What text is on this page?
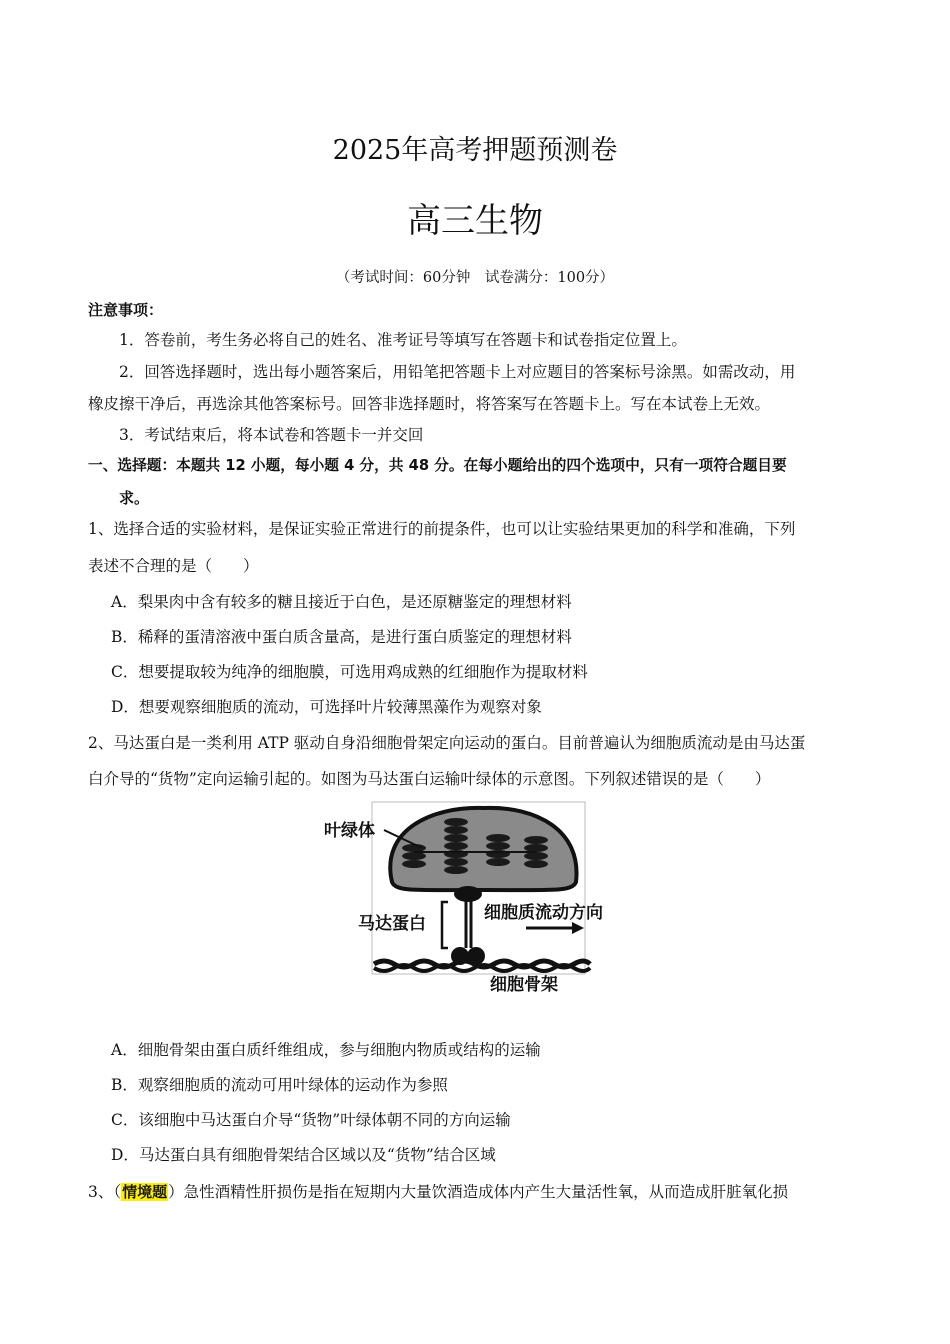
2025年高考押题预测卷
高三生物
（考试时间：60分钟　试卷满分：100分）
注意事项：
1．答卷前，考生务必将自己的姓名、准考证号等填写在答题卡和试卷指定位置上。
2．回答选择题时，选出每小题答案后，用铅笔把答题卡上对应题目的答案标号涂黑。如需改动，用
橡皮擦干净后，再选涂其他答案标号。回答非选择题时，将答案写在答题卡上。写在本试卷上无效。
3．考试结束后，将本试卷和答题卡一并交回
一、选择题：本题共 12 小题，每小题 4 分，共 48 分。在每小题给出的四个选项中，只有一项符合题目要
求。
1、选择合适的实验材料，是保证实验正常进行的前提条件，也可以让实验结果更加的科学和准确，下列
表述不合理的是（　　）
A．梨果肉中含有较多的糖且接近于白色，是还原糖鉴定的理想材料
B．稀释的蛋清溶液中蛋白质含量高，是进行蛋白质鉴定的理想材料
C．想要提取较为纯净的细胞膜，可选用鸡成熟的红细胞作为提取材料
D．想要观察细胞质的流动，可选择叶片较薄黑藻作为观察对象
2、马达蛋白是一类利用 ATP 驱动自身沿细胞骨架定向运动的蛋白。目前普遍认为细胞质流动是由马达蛋
白介导的“货物”定向运输引起的。如图为马达蛋白运输叶绿体的示意图。下列叙述错误的是（　　）
叶绿体
马达蛋白
细胞质流动方向
细胞骨架
A．细胞骨架由蛋白质纤维组成，参与细胞内物质或结构的运输
B．观察细胞质的流动可用叶绿体的运动作为参照
C．该细胞中马达蛋白介导“货物”叶绿体朝不同的方向运输
D．马达蛋白具有细胞骨架结合区域以及“货物”结合区域
3、（情境题）急性酒精性肝损伤是指在短期内大量饮酒造成体内产生大量活性氧，从而造成肝脏氧化损
